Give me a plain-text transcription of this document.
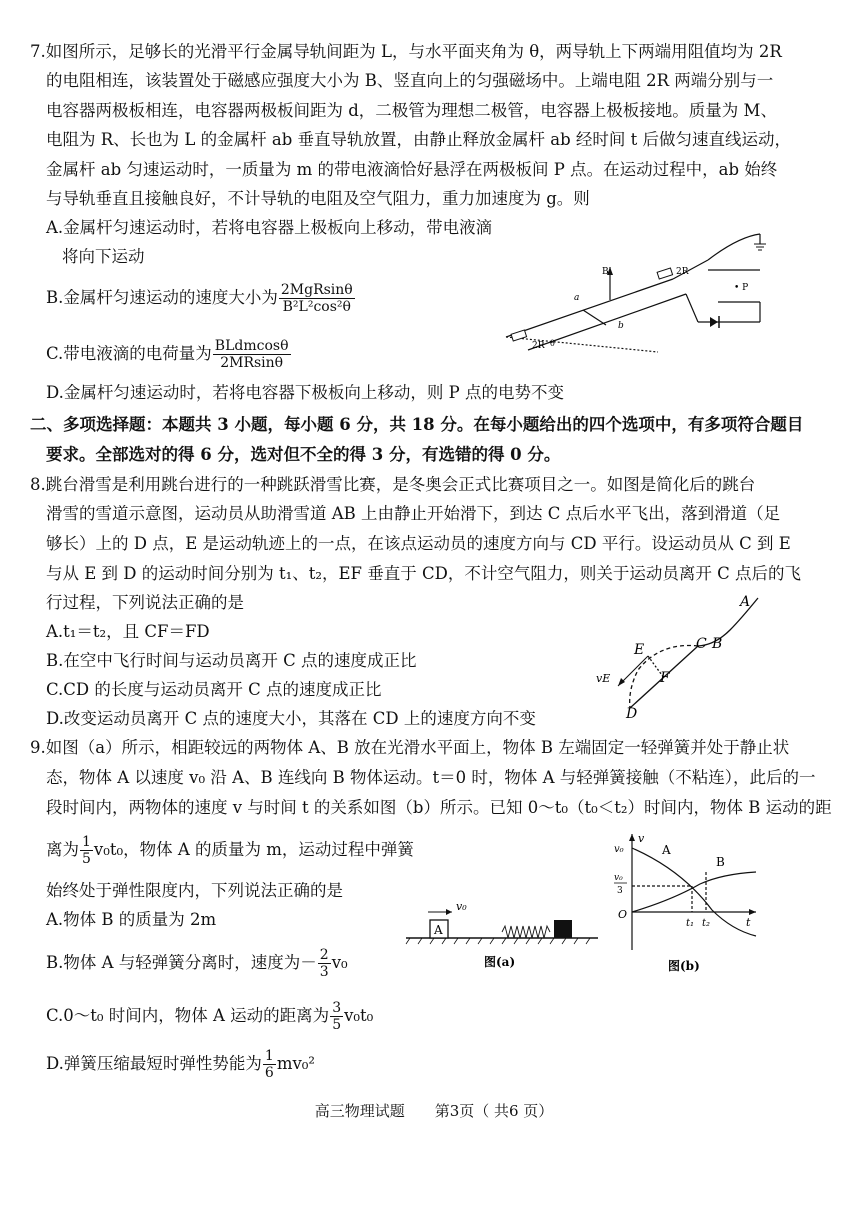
7.如图所示，足够长的光滑平行金属导轨间距为 L，与水平面夹角为 θ，两导轨上下两端用阻值均为 2R
的电阻相连，该装置处于磁感应强度大小为 B、竖直向上的匀强磁场中。上端电阻 2R 两端分别与一
电容器两极板相连，电容器两极板间距为 d，二极管为理想二极管，电容器上极板接地。质量为 M、
电阻为 R、长也为 L 的金属杆 ab 垂直导轨放置，由静止释放金属杆 ab 经时间 t 后做匀速直线运动，
金属杆 ab 匀速运动时，一质量为 m 的带电液滴恰好悬浮在两极板间 P 点。在运动过程中，ab 始终
与导轨垂直且接触良好，不计导轨的电阻及空气阻力，重力加速度为 g。则
A.金属杆匀速运动时，若将电容器上极板向上移动，带电液滴
将向下运动
B.金属杆匀速运动的速度大小为 $\frac{\text{2MgRsinθ}}{\text{B²L²cos²θ}}$
C.带电液滴的电荷量为 $\frac{\text{BLdmcosθ}}{2MRsin\theta}$
D.金属杆匀速运动时，若将电容器下极板向上移动，则 P 点的电势不变
B
a
b
2R
2R
• P
θ
二、多项选择题：本题共 3 小题，每小题 6 分，共 18 分。在每小题给出的四个选项中，有多项符合题目
要求。全部选对的得 6 分，选对但不全的得 3 分，有选错的得 0 分。
8.跳台滑雪是利用跳台进行的一种跳跃滑雪比赛，是冬奥会正式比赛项目之一。如图是简化后的跳台
滑雪的雪道示意图，运动员从助滑雪道 AB 上由静止开始滑下，到达 C 点后水平飞出，落到滑道（足
够长）上的 D 点，E 是运动轨迹上的一点，在该点运动员的速度方向与 CD 平行。设运动员从 C 到 E
与从 E 到 D 的运动时间分别为 t₁、t₂，EF 垂直于 CD，不计空气阻力，则关于运动员离开 C 点后的飞
行过程，下列说法正确的是
A.t₁＝t₂，且 CF＝FD
B.在空中飞行时间与运动员离开 C 点的速度成正比
C.CD 的长度与运动员离开 C 点的速度成正比
D.改变运动员离开 C 点的速度大小，其落在 CD 上的速度方向不变
A
C B
E
F
D
vE
9.如图（a）所示，相距较远的两物体 A、B 放在光滑水平面上，物体 B 左端固定一轻弹簧并处于静止状
态，物体 A 以速度 v₀ 沿 A、B 连线向 B 物体运动。t＝0 时，物体 A 与轻弹簧接触（不粘连），此后的一
段时间内，两物体的速度 v 与时间 t 的关系如图（b）所示。已知 0～t₀（t₀＜t₂）时间内，物体 B 运动的距
离为 $\frac{1}{5} v_0t_0$，物体 A 的质量为 m，运动过程中弹簧
始终处于弹性限度内，下列说法正确的是
A.物体 B 的质量为 2m
B.物体 A 与轻弹簧分离时，速度为－ $\frac{2}{3} v_0$
C.0～t₀ 时间内，物体 A 运动的距离为 $\frac{3}{5} v_0t_0$
D.弹簧压缩最短时弹性势能为 $\frac{1}{6} mv_0^2$
A
v₀
图(a)
v
v₀
v₀
3
O
A
B
t₁ t₂	t
图(b)
高三物理试题　　第3页（ 共6 页）
